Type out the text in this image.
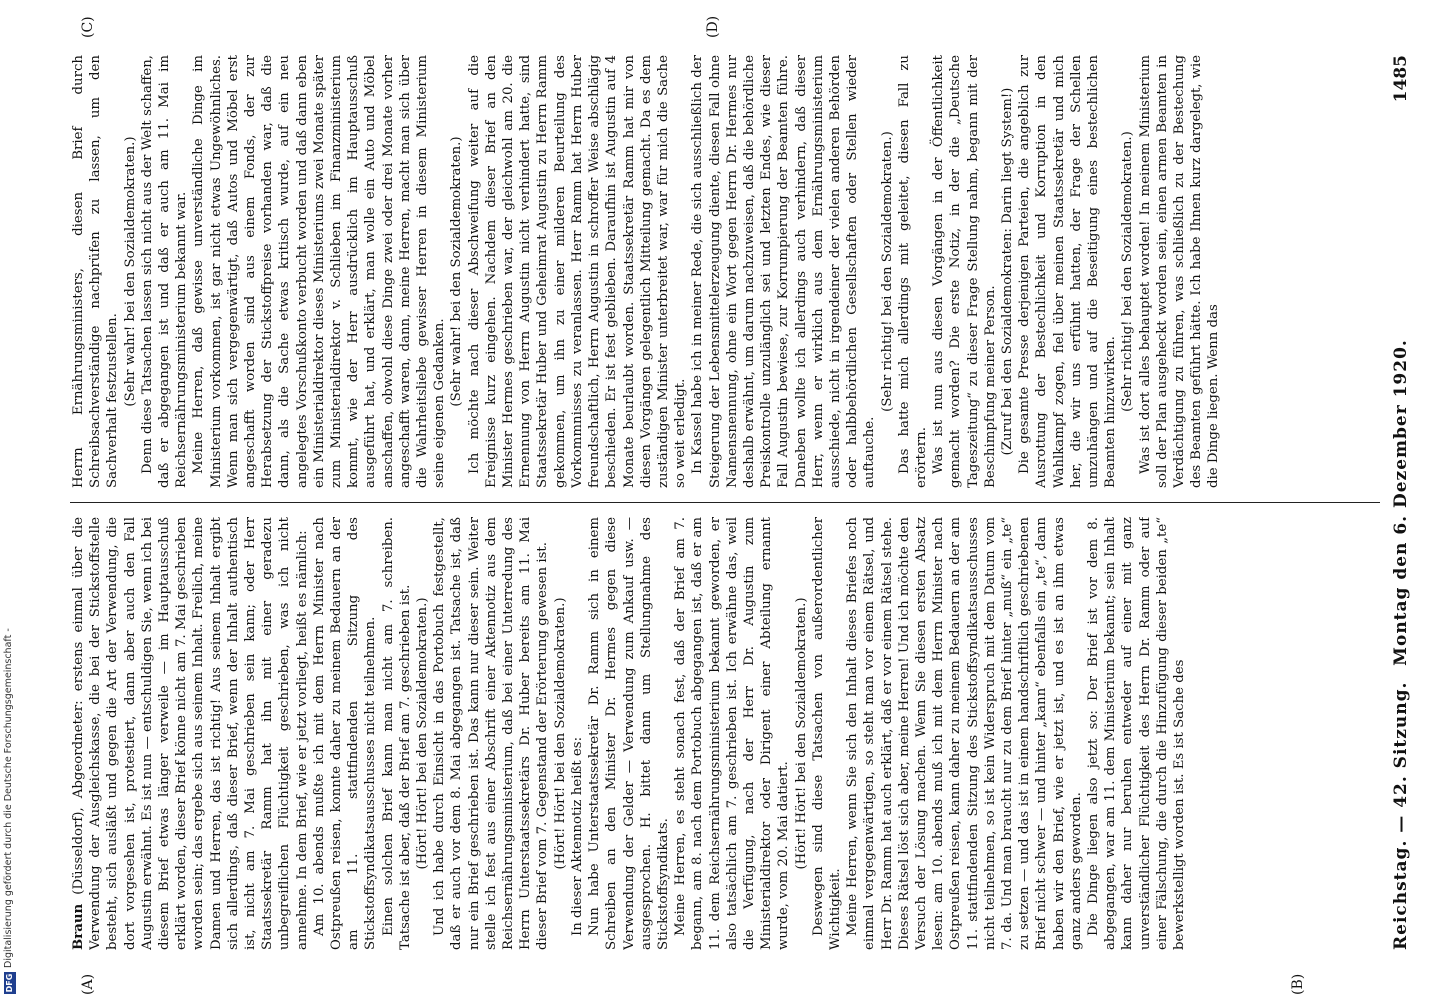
DFG
Digitalisierung gefördert durch die Deutsche Forschungsgemeinschaft -
(A)	(B)
(C)	(D)

Braun (Düsseldorf), Abgeordneter: erstens einmal über die Verwendung der Ausgleichskasse, die bei der Stickstoffstelle besteht, sich ausläßt und gegen die Art der Verwendung, die dort vorgesehen ist, protestiert, dann aber auch den Fall Augustin erwähnt. Es ist nun — entschuldigen Sie, wenn ich bei diesem Brief etwas länger verweile — im Hauptausschuß erklärt worden, dieser Brief könne nicht am 7. Mai geschrieben worden sein; das ergebe sich aus seinem Inhalt. Freilich, meine Damen und Herren, das ist richtig! Aus seinem Inhalt ergibt sich allerdings, daß dieser Brief, wenn der Inhalt authentisch ist, nicht am 7. Mai geschrieben sein kann; oder Herr Staatssekretär Ramm hat ihn mit einer geradezu unbegreiflichen Flüchtigkeit geschrieben, was ich nicht annehme. In dem Brief, wie er jetzt vorliegt, heißt es nämlich: Am 10. abends mußte ich mit dem Herrn Minister nach Ostpreußen reisen, konnte daher zu meinem Bedauern an der am 11. stattfindenden Sitzung des Stickstoffsyndikatsausschusses nicht teilnehmen. Einen solchen Brief kann man nicht am 7. schreiben. Tatsache ist aber, daß der Brief am 7. geschrieben ist. (Hört! Hört! bei den Sozialdemokraten.) Und ich habe durch Einsicht in das Portobuch festgestellt, daß er auch vor dem 8. Mai abgegangen ist. Tatsache ist, daß nur ein Brief geschrieben ist. Das kann nur dieser sein. Weiter stelle ich fest aus einer Abschrift einer Aktennotiz aus dem Reichsernährungsministerium, daß bei einer Unterredung des Herrn Unterstaatssekretärs Dr. Huber bereits am 11. Mai dieser Brief vom 7. Gegenstand der Erörterung gewesen ist. (Hört! Hört! bei den Sozialdemokraten.) In dieser Aktennotiz heißt es: Nun habe Unterstaatssekretär Dr. Ramm sich in einem Schreiben an den Minister Dr. Hermes gegen diese Verwendung der Gelder — Verwendung zum Ankauf usw. — ausgesprochen. H. bittet dann um Stellungnahme des Stickstoffsyndikats. Meine Herren, es steht sonach fest, daß der Brief am 7. begann, am 8. nach dem Portobuch abgegangen ist, daß er am 11. dem Reichsernährungsministerium bekannt geworden, er also tatsächlich am 7. geschrieben ist. Ich erwähne das, weil die Verfügung, nach der Herr Dr. Augustin zum Ministerialdirektor oder Dirigent einer Abteilung ernannt wurde, vom 20. Mai datiert. (Hört! Hört! bei den Sozialdemokraten.) Deswegen sind diese Tatsachen von außerordentlicher Wichtigkeit. Meine Herren, wenn Sie sich den Inhalt dieses Briefes noch einmal vergegenwärtigen, so steht man vor einem Rätsel, und Herr Dr. Ramm hat auch erklärt, daß er vor einem Rätsel stehe. Dieses Rätsel löst sich aber, meine Herren! Und ich möchte den Versuch der Lösung machen. Wenn Sie diesen ersten Absatz lesen: am 10. abends muß ich mit dem Herrn Minister nach Ostpreußen reisen, kann daher zu meinem Bedauern an der am 11. stattfindenden Sitzung des Stickstoffsyndikatsausschusses nicht teilnehmen, so ist kein Widerspruch mit dem Datum vom 7. da. Und man braucht nur zu dem Brief hinter „muß“ ein „te“ zu setzen — und das ist in einem handschriftlich geschriebenen Brief nicht schwer — und hinter „kann“ ebenfalls ein „te“, dann haben wir den Brief, wie er jetzt ist, und es ist an ihm etwas ganz anders geworden. Die Dinge liegen also jetzt so: Der Brief ist vor dem 8. abgegangen, war am 11. dem Ministerium bekannt; sein Inhalt kann daher nur beruhen entweder auf einer mit ganz unverständlicher Flüchtigkeit des Herrn Dr. Ramm oder auf einer Fälschung, die durch die Hinzufügung dieser beiden „te“ bewerkstelligt worden ist. Es ist Sache des

Herrn Ernährungsministers, diesen Brief durch Schreibsachverständige nachprüfen zu lassen, um den Sachverhalt festzustellen. (Sehr wahr! bei den Sozialdemokraten.) Denn diese Tatsachen lassen sich nicht aus der Welt schaffen, daß er abgegangen ist und daß er auch am 11. Mai im Reichsernährungsministerium bekannt war. Meine Herren, daß gewisse unverständliche Dinge im Ministerium vorkommen, ist gar nicht etwas Ungewöhnliches. Wenn man sich vergegenwärtigt, daß Autos und Möbel erst angeschafft worden sind aus einem Fonds, der zur Herabsetzung der Stickstoffpreise vorhanden war, daß die dann, als die Sache etwas kritisch wurde, auf ein neu angelegtes Vorschußkonto verbucht worden und daß dann eben ein Ministerialdirektor dieses Ministeriums zwei Monate später zum Ministerialdirektor v. Schlieben im Finanzministerium kommt, wie der Herr ausdrücklich im Hauptausschuß ausgeführt hat, und erklärt, man wolle ein Auto und Möbel anschaffen, obwohl diese Dinge zwei oder drei Monate vorher angeschafft waren, dann, meine Herren, macht man sich über die Wahrheitsliebe gewisser Herren in diesem Ministerium seine eigenen Gedanken. (Sehr wahr! bei den Sozialdemokraten.) Ich möchte nach dieser Abschweifung weiter auf die Ereignisse kurz eingehen. Nachdem dieser Brief an den Minister Hermes geschrieben war, der gleichwohl am 20. die Ernennung von Herrn Augustin nicht verhindert hatte, sind Staatssekretär Huber und Geheimrat Augustin zu Herrn Ramm gekommen, um ihn zu einer milderen Beurteilung des Vorkommnisses zu veranlassen. Herr Ramm hat Herrn Huber freundschaftlich, Herrn Augustin in schroffer Weise abschlägig beschieden. Er ist fest geblieben. Daraufhin ist Augustin auf 4 Monate beurlaubt worden. Staatssekretär Ramm hat mir von diesen Vorgängen gelegentlich Mitteilung gemacht. Da es dem zuständigen Minister unterbreitet war, war für mich die Sache so weit erledigt. In Kassel habe ich in meiner Rede, die sich ausschließlich der Steigerung der Lebensmittelerzeugung diente, diesen Fall ohne Namensnennung, ohne ein Wort gegen Herrn Dr. Hermes nur deshalb erwähnt, um darum nachzuweisen, daß die behördliche Preiskontrolle unzulänglich sei und letzten Endes, wie dieser Fall Augustin bewiese, zur Korrumpierung der Beamten führe. Daneben wollte ich allerdings auch verhindern, daß dieser Herr, wenn er wirklich aus dem Ernährungsministerium ausschiede, nicht in irgendeiner der vielen anderen Behörden oder halbbehördlichen Gesellschaften oder Stellen wieder auftauche.

(Sehr richtig! bei den Sozialdemokraten.) Das hatte mich allerdings mit geleitet, diesen Fall zu erörtern. Was ist nun aus diesen Vorgängen in der Öffentlichkeit gemacht worden? Die erste Notiz, in der die „Deutsche Tageszeitung“ zu dieser Frage Stellung nahm, begann mit der Beschimpfung meiner Person. (Zuruf bei den Sozialdemokraten: Darin liegt System!) Die gesamte Presse derjenigen Parteien, die angeblich zur Ausrottung der Bestechlichkeit und Korruption in den Wahlkampf zogen, fiel über meinen Staatssekretär und mich her, die wir uns erfühnt hatten, der Frage der Schellen umzuhängen und auf die Beseitigung eines bestechlichen Beamten hinzuwirken.

(Sehr richtig! bei den Sozialdemokraten.) Was ist dort alles behauptet worden! In meinem Ministerium soll der Plan ausgeheckt worden sein, einen armen Beamten in Verdächtigung zu führen, was schließlich zu der Bestechung des Beamten geführt hätte. Ich habe Ihnen kurz dargelegt, wie die Dinge liegen. Wenn das

Reichstag. — 42. Sitzung.
Montag den 6. Dezember 1920.
1485
